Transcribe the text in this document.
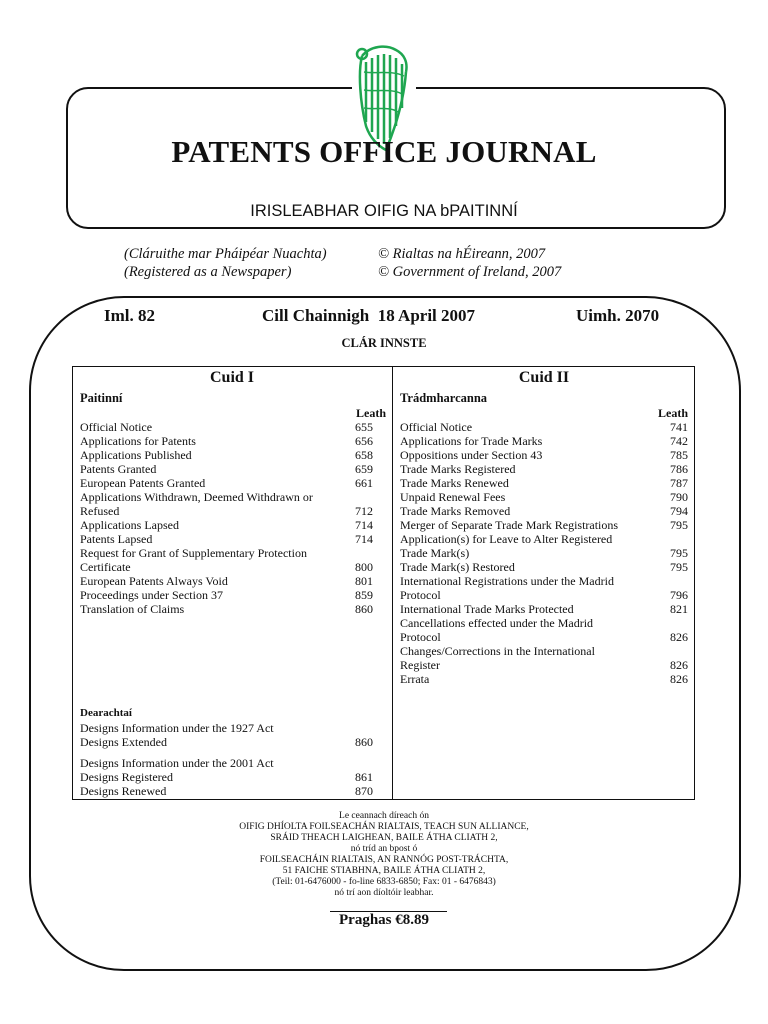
PATENTS OFFICE JOURNAL
IRISLEABHAR OIFIG NA bPAITINNÍ
(Cláruithe mar Pháipéar Nuachta)
(Registered as a Newspaper)
© Rialtas na hÉireann, 2007
© Government of Ireland, 2007
Iml. 82	Cill Chainnigh  18 April 2007	Uimh. 2070
CLÁR INNSTE
Cuid I
Paitinní
Leath
Official Notice	655
Applications for Patents	656
Applications Published	658
Patents Granted	659
European Patents Granted	661
Applications Withdrawn, Deemed Withdrawn or
Refused	712
Applications Lapsed	714
Patents Lapsed	714
Request for Grant of Supplementary Protection
Certificate	800
European Patents Always Void	801
Proceedings under Section 37	859
Translation of Claims	860
Dearachtaí
Designs Information under the 1927 Act
Designs Extended	860
Designs Information under the 2001 Act
Designs Registered	861
Designs Renewed	870
Cuid II
Trádmharcanna
Leath
Official Notice	741
Applications for Trade Marks	742
Oppositions under Section 43	785
Trade Marks Registered	786
Trade Marks Renewed	787
Unpaid Renewal Fees	790
Trade Marks Removed	794
Merger of Separate Trade Mark Registrations	795
Application(s) for Leave to Alter Registered
Trade Mark(s)	795
Trade Mark(s) Restored	795
International Registrations under the Madrid
Protocol	796
International Trade Marks Protected	821
Cancellations effected under the Madrid
Protocol	826
Changes/Corrections in the International
Register	826
Errata	826
Le ceannach díreach ón
OIFIG DHÍOLTA FOILSEACHÁN RIALTAIS, TEACH SUN ALLIANCE,
SRÁID THEACH LAIGHEAN, BAILE ÁTHA CLIATH 2,
nó tríd an bpost ó
FOILSEACHÁIN RIALTAIS, AN RANNÓG POST-TRÁCHTA,
51 FAICHE STIABHNA, BAILE ÁTHA CLIATH 2,
(Teil: 01-6476000 - fo-line 6833-6850; Fax: 01 - 6476843)
nó trí aon díoltóir leabhar.
Praghas €8.89
